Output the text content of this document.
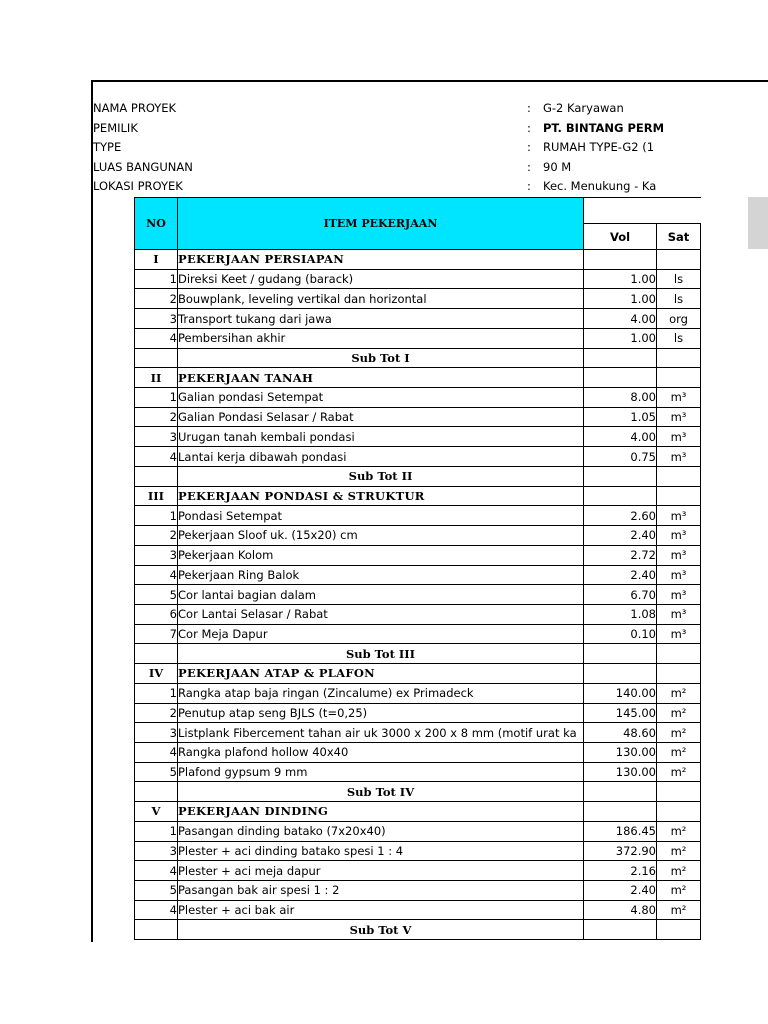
NAMA PROYEK	: G-2 Karyawan
PEMILIK	: PT. BINTANG PERM
TYPE	: RUMAH TYPE-G2 (1
LUAS BANGUNAN	: 90 M
LOKASI PROYEK	: Kec. Menukung - Ka
NO	ITEM PEKERJAAN		
		Vol	Sat
I	PEKERJAAN PERSIAPAN		
1	Direksi Keet / gudang (barack)	1.00	ls
2	Bouwplank, leveling vertikal dan horizontal	1.00	ls
3	Transport tukang dari jawa	4.00	org
4	Pembersihan akhir	1.00	ls
	Sub Tot I		
II	PEKERJAAN TANAH		
1	Galian pondasi Setempat	8.00	m³
2	Galian Pondasi Selasar / Rabat	1.05	m³
3	Urugan tanah kembali pondasi	4.00	m³
4	Lantai kerja dibawah pondasi	0.75	m³
	Sub Tot II		
III	PEKERJAAN PONDASI & STRUKTUR		
1	Pondasi Setempat	2.60	m³
2	Pekerjaan Sloof uk. (15x20) cm	2.40	m³
3	Pekerjaan Kolom	2.72	m³
4	Pekerjaan Ring Balok	2.40	m³
5	Cor lantai bagian dalam	6.70	m³
6	Cor Lantai Selasar / Rabat	1.08	m³
7	Cor Meja Dapur	0.10	m³
	Sub Tot III		
IV	PEKERJAAN ATAP & PLAFON		
1	Rangka atap baja ringan (Zincalume) ex Primadeck	140.00	m²
2	Penutup atap seng BJLS (t=0,25)	145.00	m²
3	Listplank Fibercement tahan air uk 3000 x 200 x 8 mm (motif urat ka	48.60	m²
4	Rangka plafond hollow 40x40	130.00	m²
5	Plafond gypsum 9 mm	130.00	m²
	Sub Tot IV		
V	PEKERJAAN DINDING		
1	Pasangan dinding batako (7x20x40)	186.45	m²
3	Plester + aci dinding batako spesi 1 : 4	372.90	m²
4	Plester + aci meja dapur	2.16	m²
5	Pasangan bak air spesi 1 : 2	2.40	m²
4	Plester + aci bak air	4.80	m²
	Sub Tot V		
